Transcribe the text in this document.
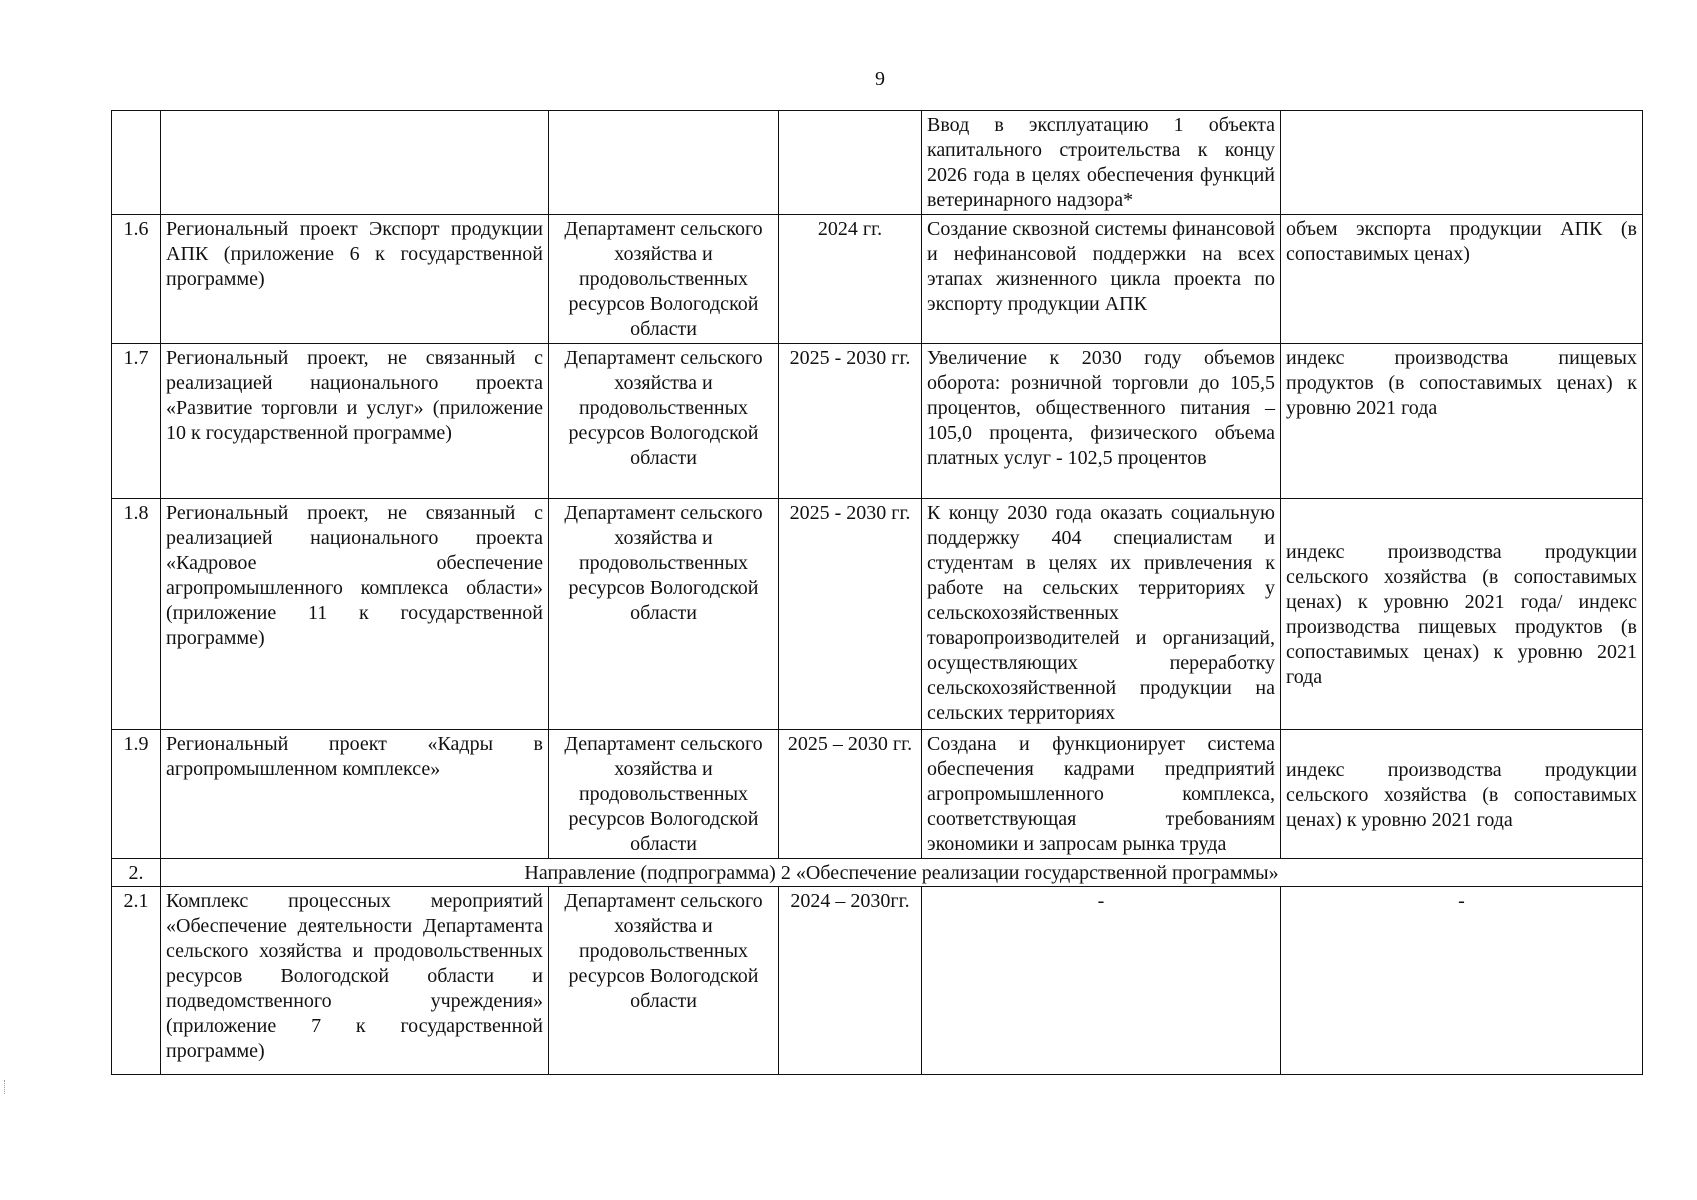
9
				Ввод в эксплуатацию 1 объекта капитального строительства к концу 2026 года в целях обеспечения функций ветеринарного надзора*	
1.6	Региональный проект Экспорт продукции АПК (приложение 6 к государственной программе)	Департамент сельского хозяйства и продовольственных ресурсов Вологодской области	2024 гг.	Создание сквозной системы финансовой и нефинансовой поддержки на всех этапах жизненного цикла проекта по экспорту продукции АПК	объем экспорта продукции АПК (в сопоставимых ценах)
1.7	Региональный проект, не связанный с реализацией национального проекта «Развитие торговли и услуг» (приложение 10 к государственной программе)	Департамент сельского хозяйства и продовольственных ресурсов Вологодской области	2025 - 2030 гг.	Увеличение к 2030 году объемов оборота: розничной торговли до 105,5 процентов, общественного питания – 105,0 процента, физического объема платных услуг - 102,5 процентов	индекс производства пищевых продуктов (в сопоставимых ценах) к уровню 2021 года
1.8	Региональный проект, не связанный с реализацией национального проекта «Кадровое обеспечение агропромышленного комплекса области» (приложение 11 к государственной программе)	Департамент сельского хозяйства и продовольственных ресурсов Вологодской области	2025 - 2030 гг.	К концу 2030 года оказать социальную поддержку 404 специалистам и студентам в целях их привлечения к работе на сельских территориях у сельскохозяйственных товаропроизводителей и организаций, осуществляющих переработку сельскохозяйственной продукции на сельских территориях	индекс производства продукции сельского хозяйства (в сопоставимых ценах) к уровню 2021 года/ индекс производства пищевых продуктов (в сопоставимых ценах) к уровню 2021 года
1.9	Региональный проект «Кадры в агропромышленном комплексе»	Департамент сельского хозяйства и продовольственных ресурсов Вологодской области	2025 – 2030 гг.	Создана и функционирует система обеспечения кадрами предприятий агропромышленного комплекса, соответствующая требованиям экономики и запросам рынка труда	индекс производства продукции сельского хозяйства (в сопоставимых ценах) к уровню 2021 года
2.	Направление (подпрограмма) 2 «Обеспечение реализации государственной программы»				
2.1	Комплекс процессных мероприятий «Обеспечение деятельности Департамента сельского хозяйства и продовольственных ресурсов Вологодской области и подведомственного учреждения» (приложение 7 к государственной программе)	Департамент сельского хозяйства и продовольственных ресурсов Вологодской области	2024 – 2030гг.	-	-
